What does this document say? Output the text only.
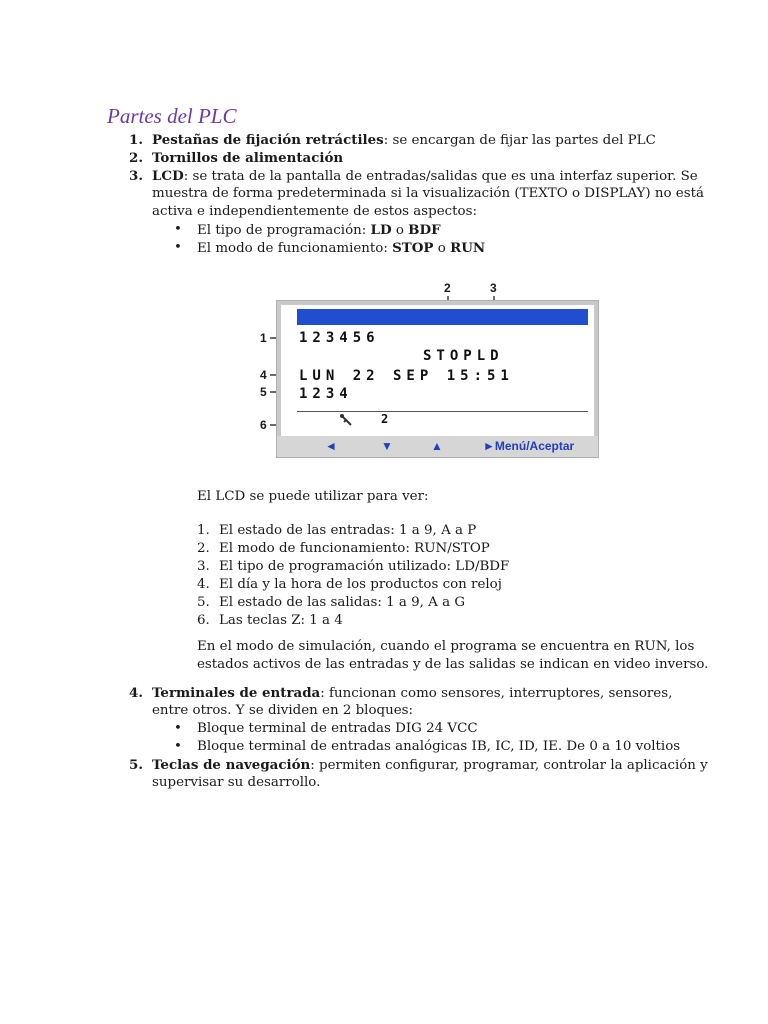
Partes del PLC
1. Pestañas de fijación retráctiles: se encargan de fijar las partes del PLC
2. Tornillos de alimentación
3. LCD: se trata de la pantalla de entradas/salidas que es una interfaz superior. Se
muestra de forma predeterminada si la visualización (TEXTO o DISPLAY) no está
activa e independientemente de estos aspectos:
• El tipo de programación: LD o BDF
• El modo de funcionamiento: STOP o RUN
2	3
1
4
5
6
123456
STOPLD
LUN 22 SEP 15:51
1234
2
◄	▼	▲	►Menú/Aceptar
El LCD se puede utilizar para ver:
1. El estado de las entradas: 1 a 9, A a P
2. El modo de funcionamiento: RUN/STOP
3. El tipo de programación utilizado: LD/BDF
4. El día y la hora de los productos con reloj
5. El estado de las salidas: 1 a 9, A a G
6. Las teclas Z: 1 a 4
En el modo de simulación, cuando el programa se encuentra en RUN, los
estados activos de las entradas y de las salidas se indican en video inverso.
4. Terminales de entrada: funcionan como sensores, interruptores, sensores,
entre otros. Y se dividen en 2 bloques:
• Bloque terminal de entradas DIG 24 VCC
• Bloque terminal de entradas analógicas IB, IC, ID, IE. De 0 a 10 voltios
5. Teclas de navegación: permiten configurar, programar, controlar la aplicación y
supervisar su desarrollo.
